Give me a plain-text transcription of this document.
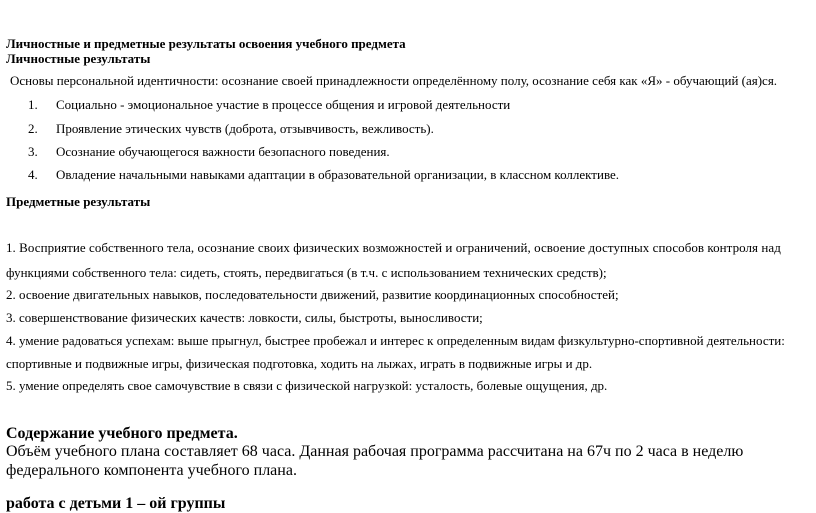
Личностные и предметные результаты освоения учебного предмета

Личностные результаты

Основы персональной идентичности: осознание своей принадлежности определённому полу, осознание себя как «Я» - обучающий (ая)ся.

1. Социально - эмоциональное участие в процессе общения и игровой деятельности

2. Проявление этических чувств (доброта, отзывчивость, вежливость).

3. Осознание обучающегося важности безопасного поведения.

4. Овладение начальными навыками адаптации в образовательной организации, в классном коллективе.

Предметные результаты

1. Восприятие собственного тела, осознание своих физических возможностей и ограничений, освоение доступных способов контроля над

функциями собственного тела: сидеть, стоять, передвигаться (в т.ч. с использованием технических средств);

2. освоение двигательных навыков, последовательности движений, развитие координационных способностей;

3. совершенствование физических качеств: ловкости, силы, быстроты, выносливости;

4. умение радоваться успехам: выше прыгнул, быстрее пробежал и интерес к определенным видам физкультурно-спортивной деятельности:

спортивные и подвижные игры, физическая подготовка, ходить на лыжах, играть в подвижные игры и др.

5. умение определять свое самочувствие в связи с физической нагрузкой: усталость, болевые ощущения, др.

Содержание учебного предмета.

Объём учебного плана составляет 68 часа. Данная рабочая программа рассчитана на 67ч по 2 часа в неделю

федерального компонента учебного плана.

работа с детьми 1 – ой группы
